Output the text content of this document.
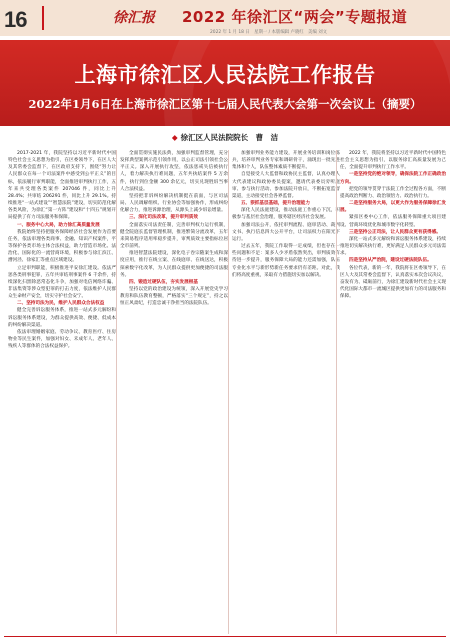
16	徐汇报 2022 年徐汇区“两会”专题报道
2022 年 1 月 18 日　星期一 / 本版编辑 卢晓红　美编 刘文
上海市徐汇区人民法院工作报告
2022年1月6日在上海市徐汇区第十七届人民代表大会第一次会议上（摘要）
◆ 徐汇区人民法院院长　曹　洁

2017-2021 年，我院坚持以习近平新时代中国特色社会主义思想为指引，在区委领导下，在区人大及其常委会监督下，在区政府支持下，围绕“努力让人民群众在每一个司法案件中感受到公平正义”的目标，依法履行审判职能，全面推进审判执行工作，五年来共受理各类案件 207046 件，同比上升 28.4%；共审结 206291 件，同比上升 29.1%。持续推进“一站式建设”“智慧法院”建设，切实防范化解各类风险，为徐汇“第一方阵”建设和“十四五”规划开局提供了有力司法服务和保障。

一、服务中心大局，助力徐汇高质量发展

我院始终坚持把服务保障经济社会发展作为首要任务，依法审理各类商事、金融、知识产权案件，平等保护各类市场主体合法权益，助力营造市场化、法治化、国际化的一流营商环境，积极参与徐汇滨江、漕河泾、徐家汇等重点区域建设。

立足审判职能，积极推进平安徐汇建设。依法严惩各类刑事犯罪，五年共审结刑事案件 6 千余件，持续深化扫黑除恶常态化斗争，加强对电信网络诈骗、非法集资等涉众型犯罪的打击力度，依法维护人民群众生命财产安全，切实守护社会安宁。

二、坚持司法为民，维护人民群众合法权益

健全完善诉讼服务体系，推进一站式多元解纷和诉讼服务体系建设，为群众提供高效、便捷、低成本的纠纷解决渠道。

依法审理婚姻家庭、劳动争议、教育医疗、住房物业等民生案件，加强对妇女、未成年人、老年人、残疾人等群体的合法权益保护。

全面贯彻实施民法典，加强审判监督管理，充分发挥典型案例示范引领作用，以公正司法引领社会公平正义。深入开展执行攻坚，依法惩戒失信被执行人，着力解决执行难问题，五年共执结案件 5 万余件，执行到位金额 300 余亿元，切实兑现胜诉当事人合法权益。

坚持把非诉纠纷解决机制挺在前面，与区司法局、人民调解组织、行业协会等加强协作，形成纠纷化解合力，推进诉源治理，从源头上减少诉讼增量。

三、深化司法改革，提升审判质效

全面落实司法责任制，完善审判权力运行机制，健全院庭长监督管理机制，推进繁简分流改革，五年来简易程序适用率稳步提升，审判质效主要指标位居全市前列。

推进智慧法院建设，深化电子卷宗随案生成和深度应用，推行在线立案、在线庭审、在线送达，积极探索数字化改革，为人民群众提供更加便捷的司法服务。

四、锻造过硬队伍，夯实发展根基

坚持以党的政治建设为统领，深入开展党史学习教育和队伍教育整顿，严格落实“三个规定”，持之以恒正风肃纪，打造忠诚干净担当的法院队伍。

加强审判业务能力建设，开展业务培训和岗位练兵，培养审判业务专家和调研骨干，涌现出一批先进集体和个人，队伍整体素质不断提升。

自觉接受人大监督和政协民主监督，认真办理人大代表建议和政协委员提案，邀请代表委员旁听庭审、参与执行活动、参加法院开放日，不断拓宽监督渠道，主动接受社会各界监督。

五、狠抓基层基础，提升治理能力

深化人民法庭建设，推动法庭工作重心下沉，积极参与基层社会治理，服务辖区经济社会发展。

加强司法公开，依托审判流程、庭审活动、裁判文书、执行信息四大公开平台，让司法权力在阳光下运行。

过去五年，我院工作取得一定成绩，但也存在一些问题和不足：案多人少矛盾依然突出，审判质效有待进一步提升，服务保障大局的能力还需加强，队伍专业化水平与新形势新任务要求仍有差距。对此，我们将高度重视，采取有力措施切实加以解决。

2022 年，我院将坚持以习近平新时代中国特色社会主义思想为指引，以服务徐汇高质量发展为己任，全面提升审判执行工作水平。

一是坚持党的绝对领导，确保法院工作正确政治方向。

把党的领导贯穿于法院工作全过程各方面，不断提高政治判断力、政治领悟力、政治执行力。

二是坚持服务大局，以更大作为服务保障徐汇发展。

紧扣区委中心工作，依法服务保障重大项目建设、营商环境优化和城市数字化转型。

三是坚持公正司法，让人民群众更有获得感。

深化一站式多元解纷和诉讼服务体系建设，持续推进切实解决执行难，更好满足人民群众多元司法需求。

四是坚持从严治院，建设过硬法院队伍。

各位代表，新的一年，我院将在区委领导下，在区人大及其常委会监督下，认真落实本次会议决议，奋发有为、砥砺前行，为徐汇建设新时代社会主义现代化国际大都市一流城区提供更加有力的司法服务和保障。
